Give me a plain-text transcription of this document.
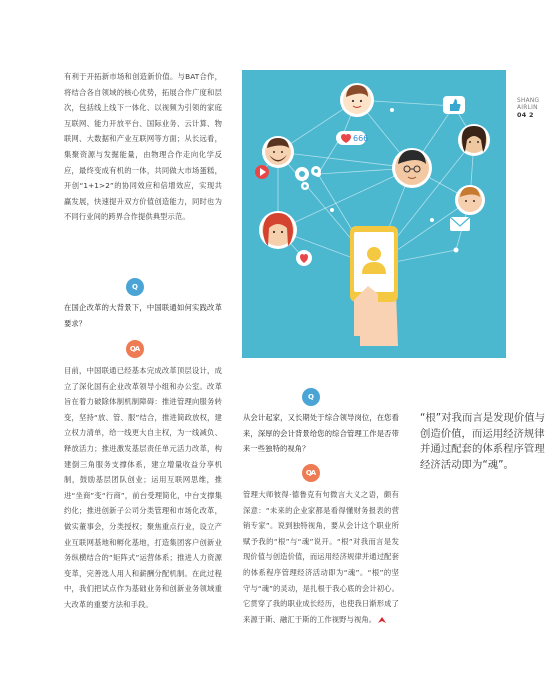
有利于开拓新市场和创造新价值。与BAT合作，将结合各自领域的核心优势，拓展合作广度和层次，包括线上线下一体化、以视频为引领的家庭互联网、能力开放平台、国际业务、云计算、物联网、大数据和产业互联网等方面；从长远看，集聚资源与发掘能量，由物理合作走向化学反应，最终变成有机的一体，共同做大市场蛋糕，开创“1+1>2”的协同效应和倍增效应，实现共赢发展，快速提升双方价值创造能力，同时也为不同行业间的跨界合作提供典型示范。

Q

在国企改革的大背景下，中国联通如何实践改革要求？

Q A

目前，中国联通已经基本完成改革顶层设计，成立了深化国有企业改革领导小组和办公室。改革旨在着力破除体制机制障碍：推进管理向服务转变，坚持“放、管、服”结合，推进简政放权，建立权力清单，给一线更大自主权，为一线减负、释放活力；推进激发基层责任单元活力改革，构建倒三角服务支撑体系，建立增量收益分享机制，鼓励基层团队创业；运用互联网思维，推进“坐商”变“行商”，前台受理简化，中台支撑集约化；推进创新子公司分类管理和市场化改革，做实董事会，分类授权；聚焦重点行业，设立产业互联网基地和孵化基地，打造集团客户创新业务纵横结合的“矩阵式”运营体系；推进人力资源变革，完善选人用人和薪酬分配机制。在此过程中，我们把试点作为基础业务和创新业务领域重大改革的重要方法和手段。

666
SHANG
AIRLIN
04 2
Q

从会计起家，又长期处于综合领导岗位，在您看来，深厚的会计背景给您的综合管理工作是否带来一些独特的视角？

Q A

管理大师彼得·德鲁克有句微言大义之语，颇有深意：“未来的企业家都是看得懂财务报表的营销专家”。说到独特视角，要从会计这个职业所赋予我的“根”与“魂”说开。“根”对我而言是发现价值与创造价值，而运用经济规律并通过配套的体系程序管理经济活动即为“魂”。“根”的坚守与“魂”的灵动，是扎根于我心底的会计初心。它贯穿了我的职业成长经历，也使我日渐形成了来源于斯、融汇于斯的工作视野与视角。

“根”对我而言是发现价值与创造价值，而运用经济规律并通过配套的体系程序管理经济活动即为“魂”。
